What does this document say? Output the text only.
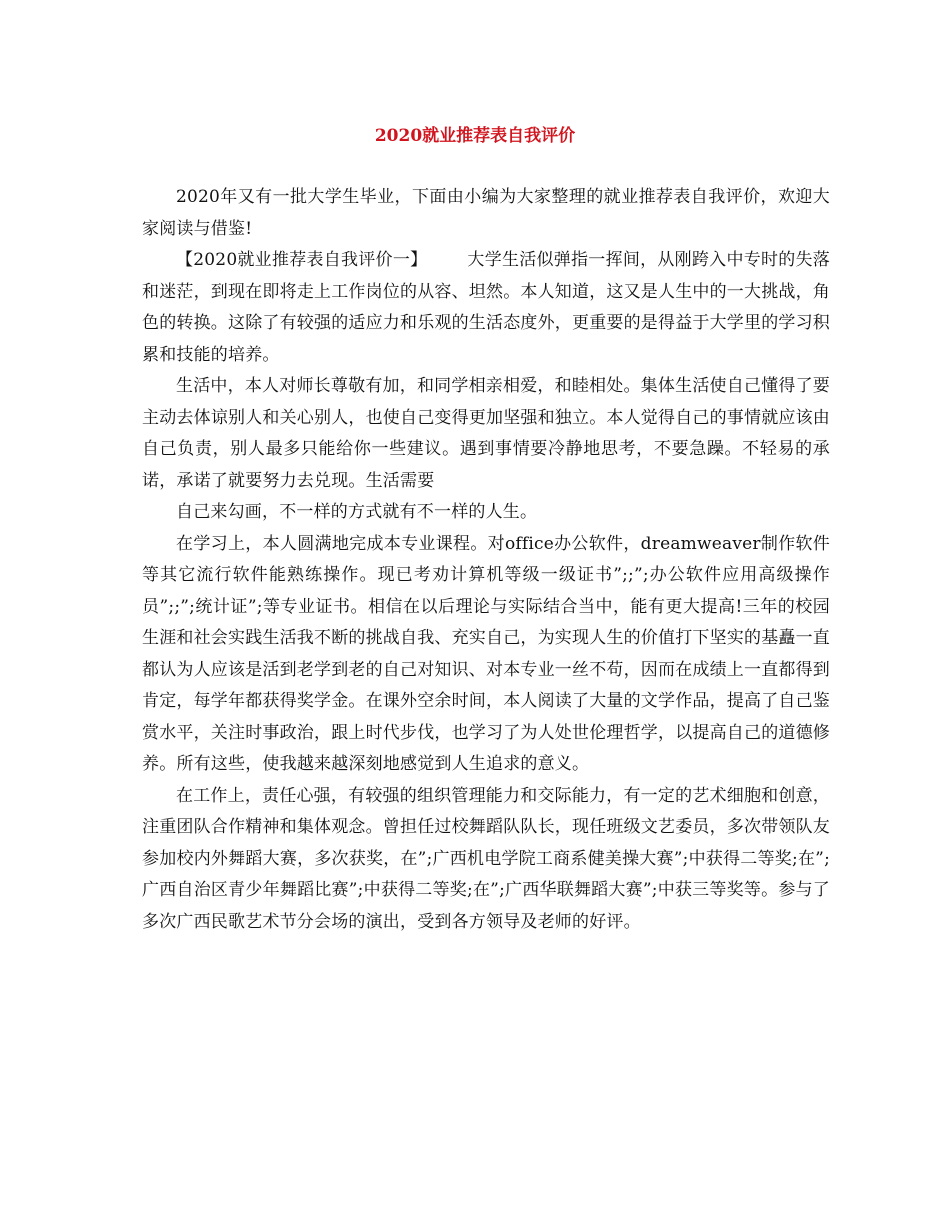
2020就业推荐表自我评价

2020年又有一批大学生毕业，下面由小编为大家整理的就业推荐表自我评价，欢迎大家阅读与借鉴!

【2020就业推荐表自我评价一】 大学生活似弹指一挥间，从刚跨入中专时的失落和迷茫，到现在即将走上工作岗位的从容、坦然。本人知道，这又是人生中的一大挑战，角色的转换。这除了有较强的适应力和乐观的生活态度外，更重要的是得益于大学里的学习积累和技能的培养。

生活中，本人对师长尊敬有加，和同学相亲相爱，和睦相处。集体生活使自己懂得了要主动去体谅别人和关心别人，也使自己变得更加坚强和独立。本人觉得自己的事情就应该由自己负责，别人最多只能给你一些建议。遇到事情要冷静地思考，不要急躁。不轻易的承诺，承诺了就要努力去兑现。生活需要

自己来勾画，不一样的方式就有不一样的人生。

在学习上，本人圆满地完成本专业课程。对office办公软件，dreamweaver制作软件等其它流行软件能熟练操作。现已考劝计算机等级一级证书”;;”;办公软件应用高级操作员”;;”;统计证”;等专业证书。相信在以后理论与实际结合当中，能有更大提高!三年的校园生涯和社会实践生活我不断的挑战自我、充实自己，为实现人生的价值打下坚实的基矗一直都认为人应该是活到老学到老的自己对知识、对本专业一丝不苟，因而在成绩上一直都得到肯定，每学年都获得奖学金。在课外空余时间，本人阅读了大量的文学作品，提高了自己鉴赏水平，关注时事政治，跟上时代步伐，也学习了为人处世伦理哲学，以提高自己的道德修养。所有这些，使我越来越深刻地感觉到人生追求的意义。

在工作上，责任心强，有较强的组织管理能力和交际能力，有一定的艺术细胞和创意，注重团队合作精神和集体观念。曾担任过校舞蹈队队长，现任班级文艺委员，多次带领队友参加校内外舞蹈大赛，多次获奖，在”;广西机电学院工商系健美操大赛”;中获得二等奖;在”;广西自治区青少年舞蹈比赛”;中获得二等奖;在”;广西华联舞蹈大赛”;中获三等奖等。参与了多次广西民歌艺术节分会场的演出，受到各方领导及老师的好评。
